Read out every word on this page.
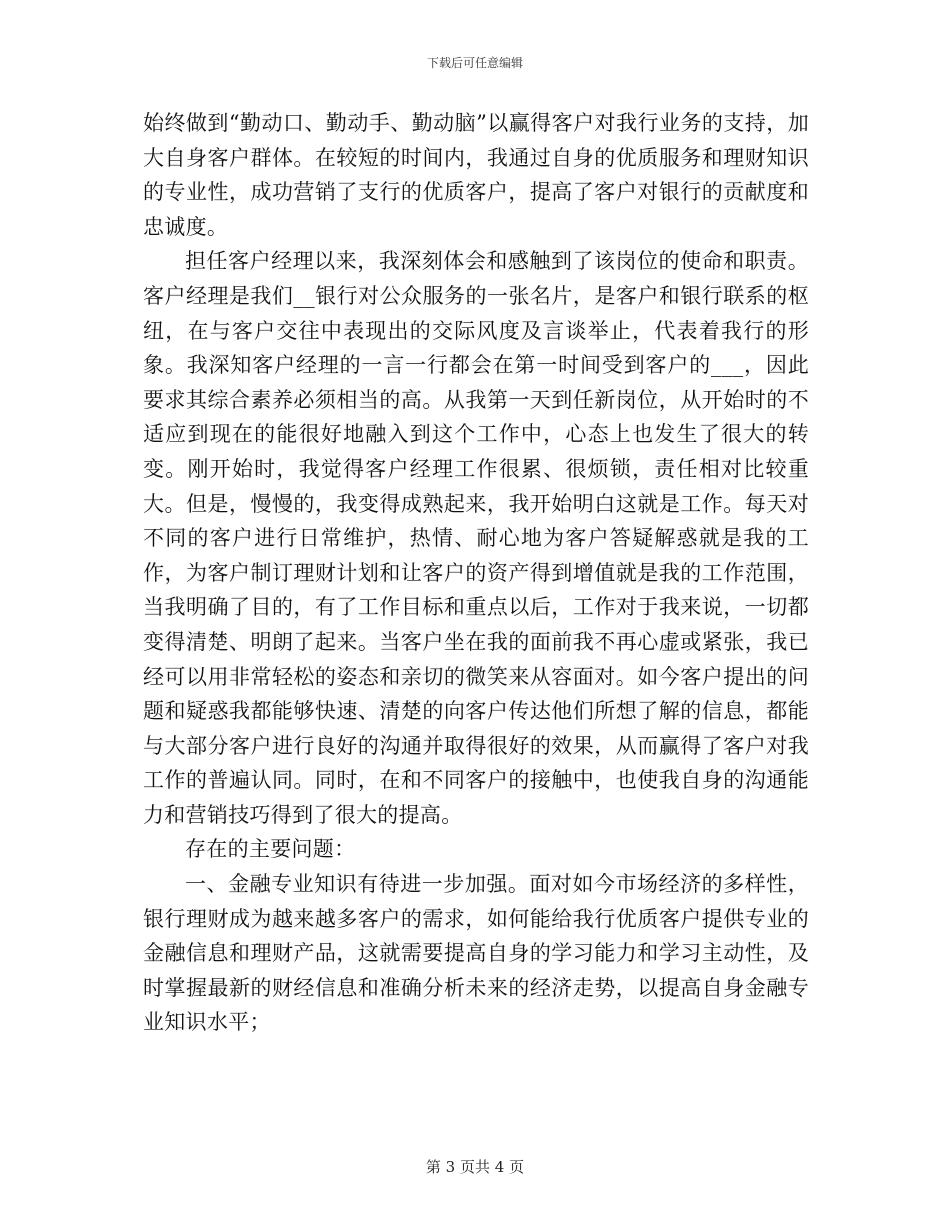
下载后可任意编辑

始终做到“勤动口、勤动手、勤动脑”以赢得客户对我行业务的支持，加大自身客户群体。在较短的时间内，我通过自身的优质服务和理财知识的专业性，成功营销了支行的优质客户，提高了客户对银行的贡献度和忠诚度。

担任客户经理以来，我深刻体会和感触到了该岗位的使命和职责。客户经理是我们__银行对公众服务的一张名片，是客户和银行联系的枢纽，在与客户交往中表现出的交际风度及言谈举止，代表着我行的形象。我深知客户经理的一言一行都会在第一时间受到客户的___，因此要求其综合素养必须相当的高。从我第一天到任新岗位，从开始时的不适应到现在的能很好地融入到这个工作中，心态上也发生了很大的转变。刚开始时，我觉得客户经理工作很累、很烦锁，责任相对比较重大。但是，慢慢的，我变得成熟起来，我开始明白这就是工作。每天对不同的客户进行日常维护，热情、耐心地为客户答疑解惑就是我的工作，为客户制订理财计划和让客户的资产得到增值就是我的工作范围，当我明确了目的，有了工作目标和重点以后，工作对于我来说，一切都变得清楚、明朗了起来。当客户坐在我的面前我不再心虚或紧张，我已经可以用非常轻松的姿态和亲切的微笑来从容面对。如今客户提出的问题和疑惑我都能够快速、清楚的向客户传达他们所想了解的信息，都能与大部分客户进行良好的沟通并取得很好的效果，从而赢得了客户对我工作的普遍认同。同时，在和不同客户的接触中，也使我自身的沟通能力和营销技巧得到了很大的提高。

存在的主要问题：

一、金融专业知识有待进一步加强。面对如今市场经济的多样性，银行理财成为越来越多客户的需求，如何能给我行优质客户提供专业的金融信息和理财产品，这就需要提高自身的学习能力和学习主动性，及时掌握最新的财经信息和准确分析未来的经济走势，以提高自身金融专业知识水平；

第 3 页共 4 页
